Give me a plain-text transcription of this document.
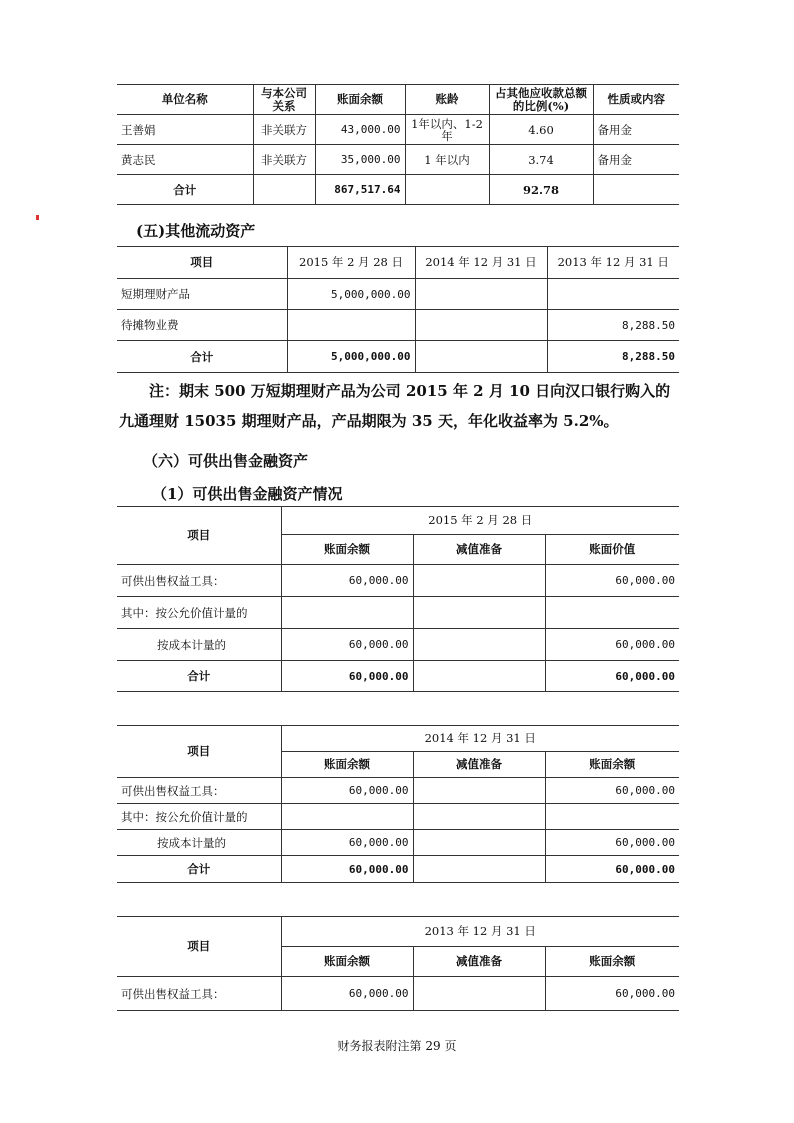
单位名称	与本公司关系	账面余额	账龄	占其他应收款总额的比例(%)	性质或内容
王善娟	非关联方	43,000.00	1年以内、1-2年	4.60	备用金
黄志民	非关联方	35,000.00	1 年以内	3.74	备用金
合计		867,517.64		92.78	
(五)其他流动资产
项目	2015 年 2 月 28 日	2014 年 12 月 31 日	2013 年 12 月 31 日
短期理财产品	5,000,000.00		
待摊物业费			8,288.50
合计	5,000,000.00		8,288.50
注：期末 500 万短期理财产品为公司 2015 年 2 月 10 日向汉口银行购入的
九通理财 15035 期理财产品，产品期限为 35 天，年化收益率为 5.2%。
（六）可供出售金融资产
（1）可供出售金融资产情况
项目	2015 年 2 月 28 日		
	账面余额	减值准备	账面价值
可供出售权益工具：	60,000.00		60,000.00
其中：按公允价值计量的			
按成本计量的	60,000.00		60,000.00
合计	60,000.00		60,000.00
项目	2014 年 12 月 31 日		
	账面余额	减值准备	账面余额
可供出售权益工具：	60,000.00		60,000.00
其中：按公允价值计量的			
按成本计量的	60,000.00		60,000.00
合计	60,000.00		60,000.00
项目	2013 年 12 月 31 日		
	账面余额	减值准备	账面余额
可供出售权益工具：	60,000.00		60,000.00
财务报表附注第 29 页
